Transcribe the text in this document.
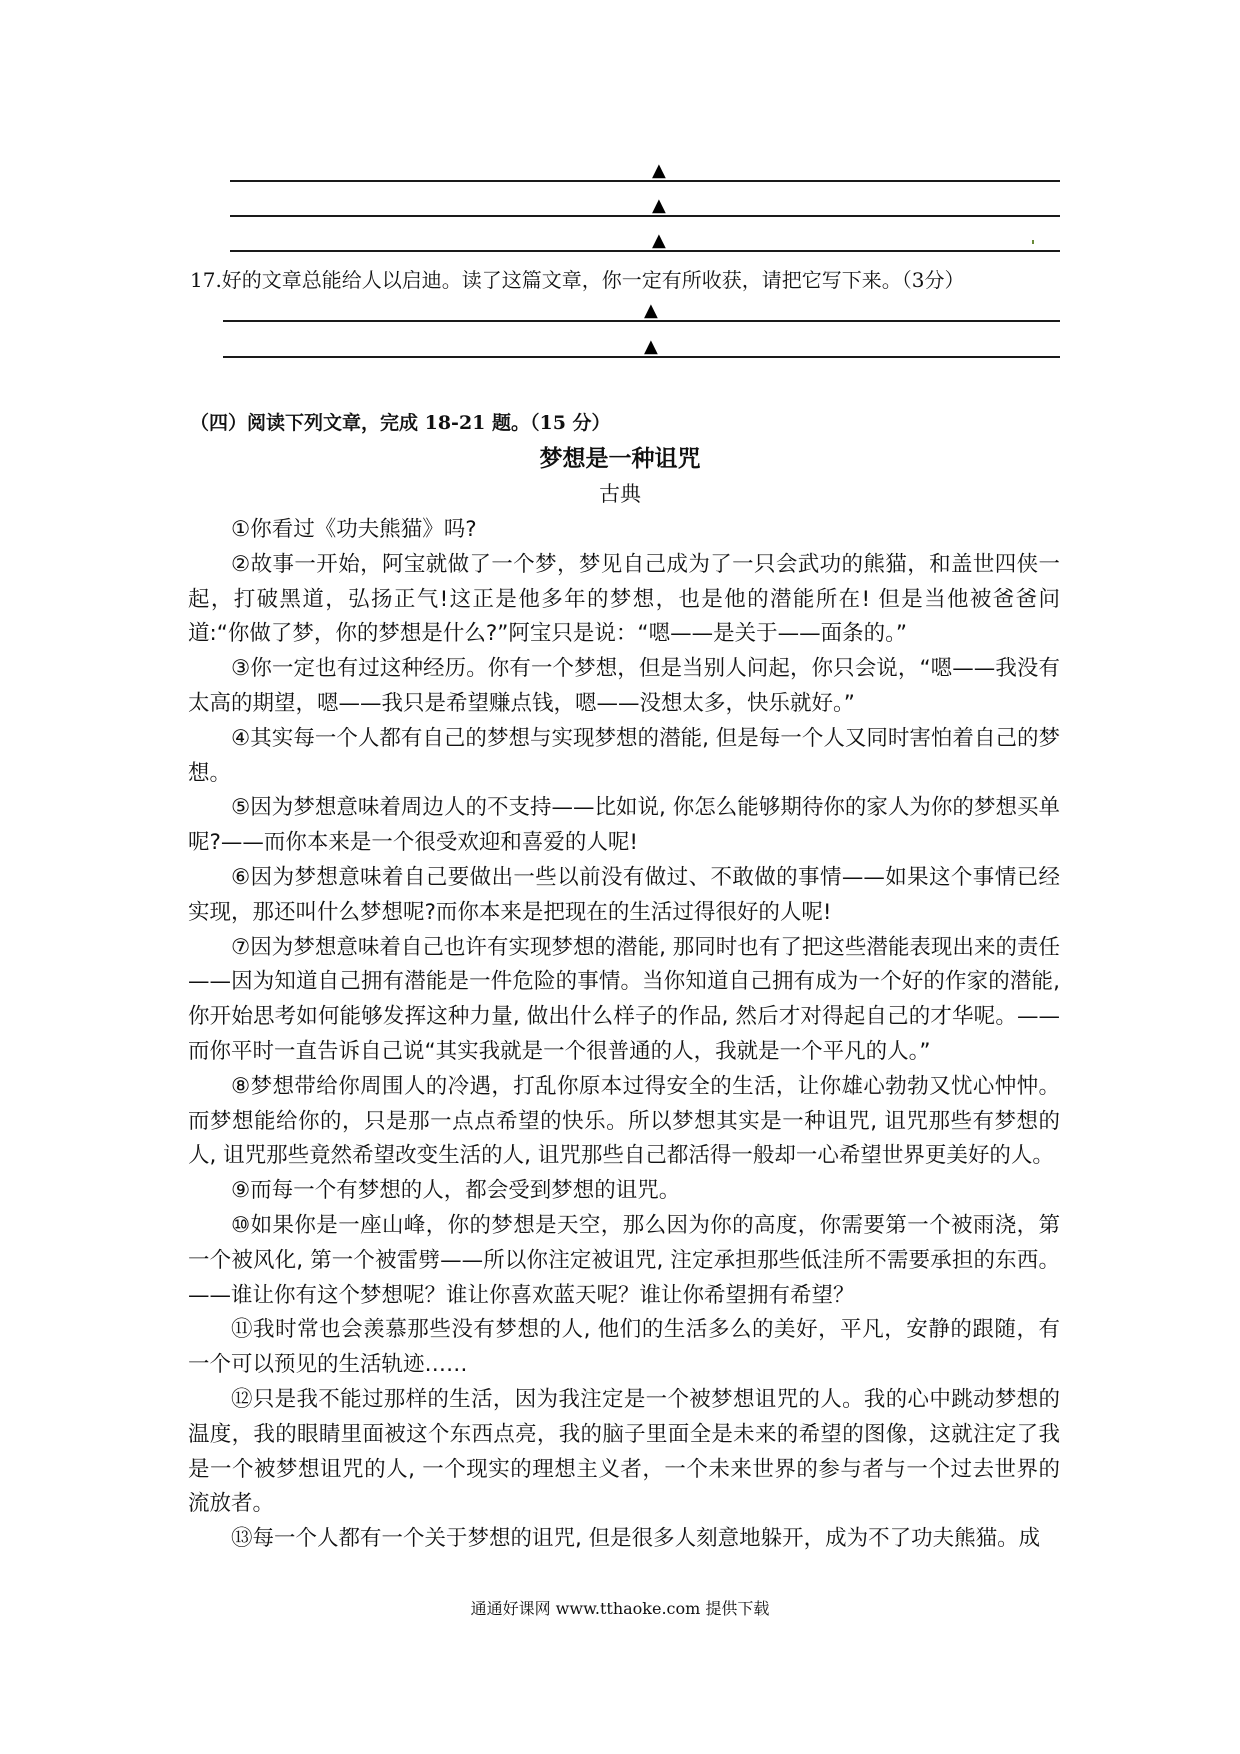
▲
▲
▲
17.好的文章总能给人以启迪。读了这篇文章，你一定有所收获，请把它写下来。（3分）
▲
▲
（四）阅读下列文章，完成 18-21 题。（15 分）
梦想是一种诅咒
古典

①你看过《功夫熊猫》吗?

②故事一开始，阿宝就做了一个梦，梦见自己成为了一只会武功的熊猫，和盖世四侠一起，打破黑道，弘扬正气!这正是他多年的梦想，也是他的潜能所在! 但是当他被爸爸问道:“你做了梦，你的梦想是什么?”阿宝只是说：“嗯——是关于——面条的。”

③你一定也有过这种经历。你有一个梦想，但是当别人问起，你只会说，“嗯——我没有太高的期望，嗯——我只是希望赚点钱，嗯——没想太多，快乐就好。”

④其实每一个人都有自己的梦想与实现梦想的潜能, 但是每一个人又同时害怕着自己的梦想。

⑤因为梦想意味着周边人的不支持——比如说, 你怎么能够期待你的家人为你的梦想买单呢?——而你本来是一个很受欢迎和喜爱的人呢!

⑥因为梦想意味着自己要做出一些以前没有做过、不敢做的事情——如果这个事情已经实现，那还叫什么梦想呢?而你本来是把现在的生活过得很好的人呢!

⑦因为梦想意味着自己也许有实现梦想的潜能, 那同时也有了把这些潜能表现出来的责任——因为知道自己拥有潜能是一件危险的事情。当你知道自己拥有成为一个好的作家的潜能, 你开始思考如何能够发挥这种力量, 做出什么样子的作品, 然后才对得起自己的才华呢。——而你平时一直告诉自己说“其实我就是一个很普通的人，我就是一个平凡的人。”

⑧梦想带给你周围人的冷遇，打乱你原本过得安全的生活，让你雄心勃勃又忧心忡忡。而梦想能给你的，只是那一点点希望的快乐。所以梦想其实是一种诅咒, 诅咒那些有梦想的人, 诅咒那些竟然希望改变生活的人, 诅咒那些自己都活得一般却一心希望世界更美好的人。

⑨而每一个有梦想的人，都会受到梦想的诅咒。

⑩如果你是一座山峰，你的梦想是天空，那么因为你的高度，你需要第一个被雨浇，第一个被风化, 第一个被雷劈——所以你注定被诅咒, 注定承担那些低洼所不需要承担的东西。——谁让你有这个梦想呢？谁让你喜欢蓝天呢？谁让你希望拥有希望？

⑪我时常也会羡慕那些没有梦想的人, 他们的生活多么的美好，平凡，安静的跟随，有一个可以预见的生活轨迹……

⑫只是我不能过那样的生活，因为我注定是一个被梦想诅咒的人。我的心中跳动梦想的温度，我的眼睛里面被这个东西点亮，我的脑子里面全是未来的希望的图像，这就注定了我是一个被梦想诅咒的人, 一个现实的理想主义者，一个未来世界的参与者与一个过去世界的流放者。

⑬每一个人都有一个关于梦想的诅咒, 但是很多人刻意地躲开，成为不了功夫熊猫。成

通通好课网 www.tthaoke.com 提供下载
